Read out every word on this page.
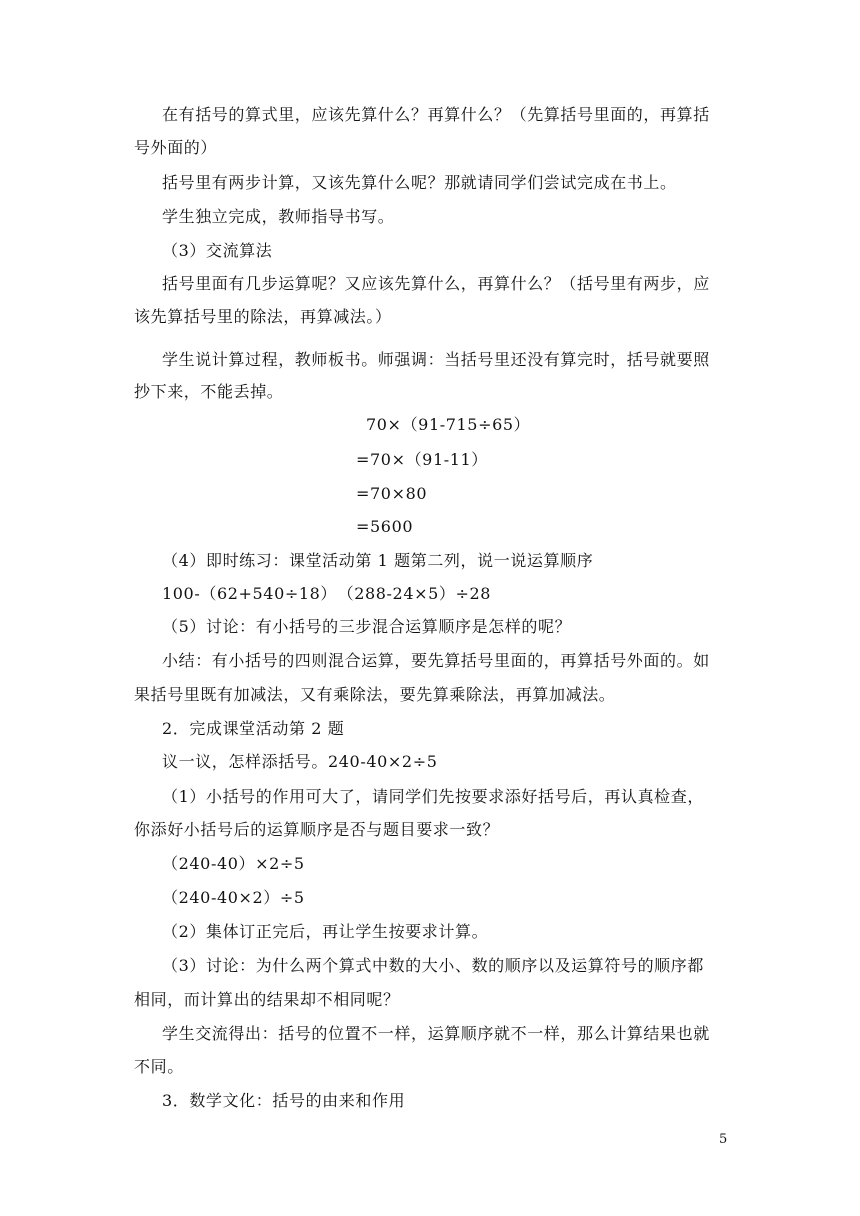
在有括号的算式里，应该先算什么？再算什么？（先算括号里面的，再算括
号外面的）
括号里有两步计算，又该先算什么呢？那就请同学们尝试完成在书上。
学生独立完成，教师指导书写。
（3）交流算法
括号里面有几步运算呢？又应该先算什么，再算什么？（括号里有两步，应
该先算括号里的除法，再算减法。）
学生说计算过程，教师板书。师强调：当括号里还没有算完时，括号就要照
抄下来，不能丢掉。
70×（91-715÷65）
=70×（91-11）
=70×80
=5600
（4）即时练习：课堂活动第 1 题第二列，说一说运算顺序
100-（62+540÷18）　（288-24×5）÷28
（5）讨论：有小括号的三步混合运算顺序是怎样的呢？
小结：有小括号的四则混合运算，要先算括号里面的，再算括号外面的。如
果括号里既有加减法，又有乘除法，要先算乘除法，再算加减法。
2．完成课堂活动第 2 题
议一议，怎样添括号。240-40×2÷5
（1）小括号的作用可大了，请同学们先按要求添好括号后，再认真检查，
你添好小括号后的运算顺序是否与题目要求一致？
（240-40）×2÷5
（240-40×2）÷5
（2）集体订正完后，再让学生按要求计算。
（3）讨论：为什么两个算式中数的大小、数的顺序以及运算符号的顺序都
相同，而计算出的结果却不相同呢？
学生交流得出：括号的位置不一样，运算顺序就不一样，那么计算结果也就
不同。
3．数学文化：括号的由来和作用
5
